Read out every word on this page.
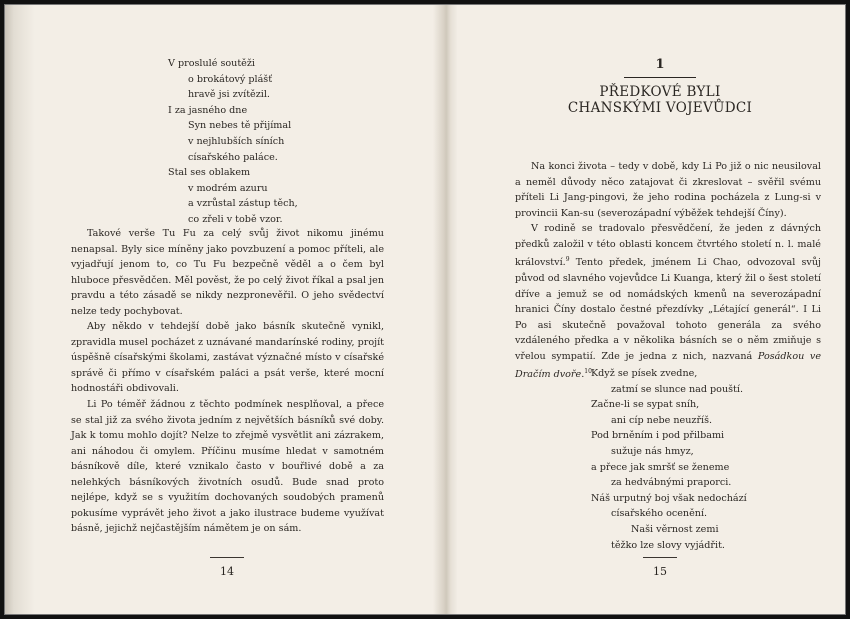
V proslulé soutěži
o brokátový plášť
hravě jsi zvítězil.
I za jasného dne
Syn nebes tě přijímal
v nejhlubších síních
císařského paláce.
Stal ses oblakem
v modrém azuru
a vzrůstal zástup těch,
co zřeli v tobě vzor.

Takové verše Tu Fu za celý svůj život nikomu jinému nenapsal. Byly sice míněny jako povzbuzení a pomoc příteli, ale vyjadřují jenom to, co Tu Fu bezpečně věděl a o čem byl hluboce přesvědčen. Měl pověst, že po celý život říkal a psal jen pravdu a této zásadě se nikdy nezpronevěřil. O jeho svědectví nelze tedy pochybovat.

Aby někdo v tehdejší době jako básník skutečně vynikl, zpravidla musel pocházet z uznávané mandarínské rodiny, projít úspěšně císařskými školami, zastávat význačné místo v císařské správě či přímo v císařském paláci a psát verše, které mocní hodnostáři obdivovali.

Li Po téměř žádnou z těchto podmínek nesplňoval, a přece se stal již za svého života jedním z největších básníků své doby. Jak k tomu mohlo dojít? Nelze to zřejmě vysvětlit ani zázrakem, ani náhodou či omylem. Příčinu musíme hledat v samotném básníkově díle, které vznikalo často v bouřlivé době a za nelehkých básníkových životních osudů. Bude snad proto nejlépe, když se s využitím dochovaných soudobých pramenů pokusíme vyprávět jeho život a jako ilustrace budeme využívat básně, jejichž nejčastějším námětem je on sám.

14
1
PŘEDKOVÉ BYLI
CHANSKÝMI VOJEVŮDCI

Na konci života – tedy v době, kdy Li Po již o nic neusiloval a neměl důvody něco zatajovat či zkreslovat – svěřil svému příteli Li Jang-pingovi, že jeho rodina pocházela z Lung-si v provincii Kan-su (severozápadní výběžek tehdejší Číny).

V rodině se tradovalo přesvědčení, že jeden z dávných předků založil v této oblasti koncem čtvrtého století n. l. malé království.$^9$ Tento předek, jménem Li Chao, odvozoval svůj původ od slavného vojevůdce Li Kuanga, který žil o šest století dříve a jemuž se od nomádských kmenů na severozápadní hranici Číny dostalo čestné přezdívky „Létající generál“. I Li Po asi skutečně považoval tohoto generála za svého vzdáleného předka a v několika básních se o něm zmiňuje s vřelou sympatií. Zde je jedna z nich, nazvaná Posádkou ve Dračím dvoře.$^{10}$ Když se písek zvedne,
zatmí se slunce nad pouští.
Začne-li se sypat sníh,
ani cíp nebe neuzříš.
Pod brněním i pod přilbami
sužuje nás hmyz,
a přece jak smršť se ženeme
za hedvábnými praporci.
Náš urputný boj však nedochází
císařského ocenění.
Naši věrnost zemi
těžko lze slovy vyjádřit.
15
